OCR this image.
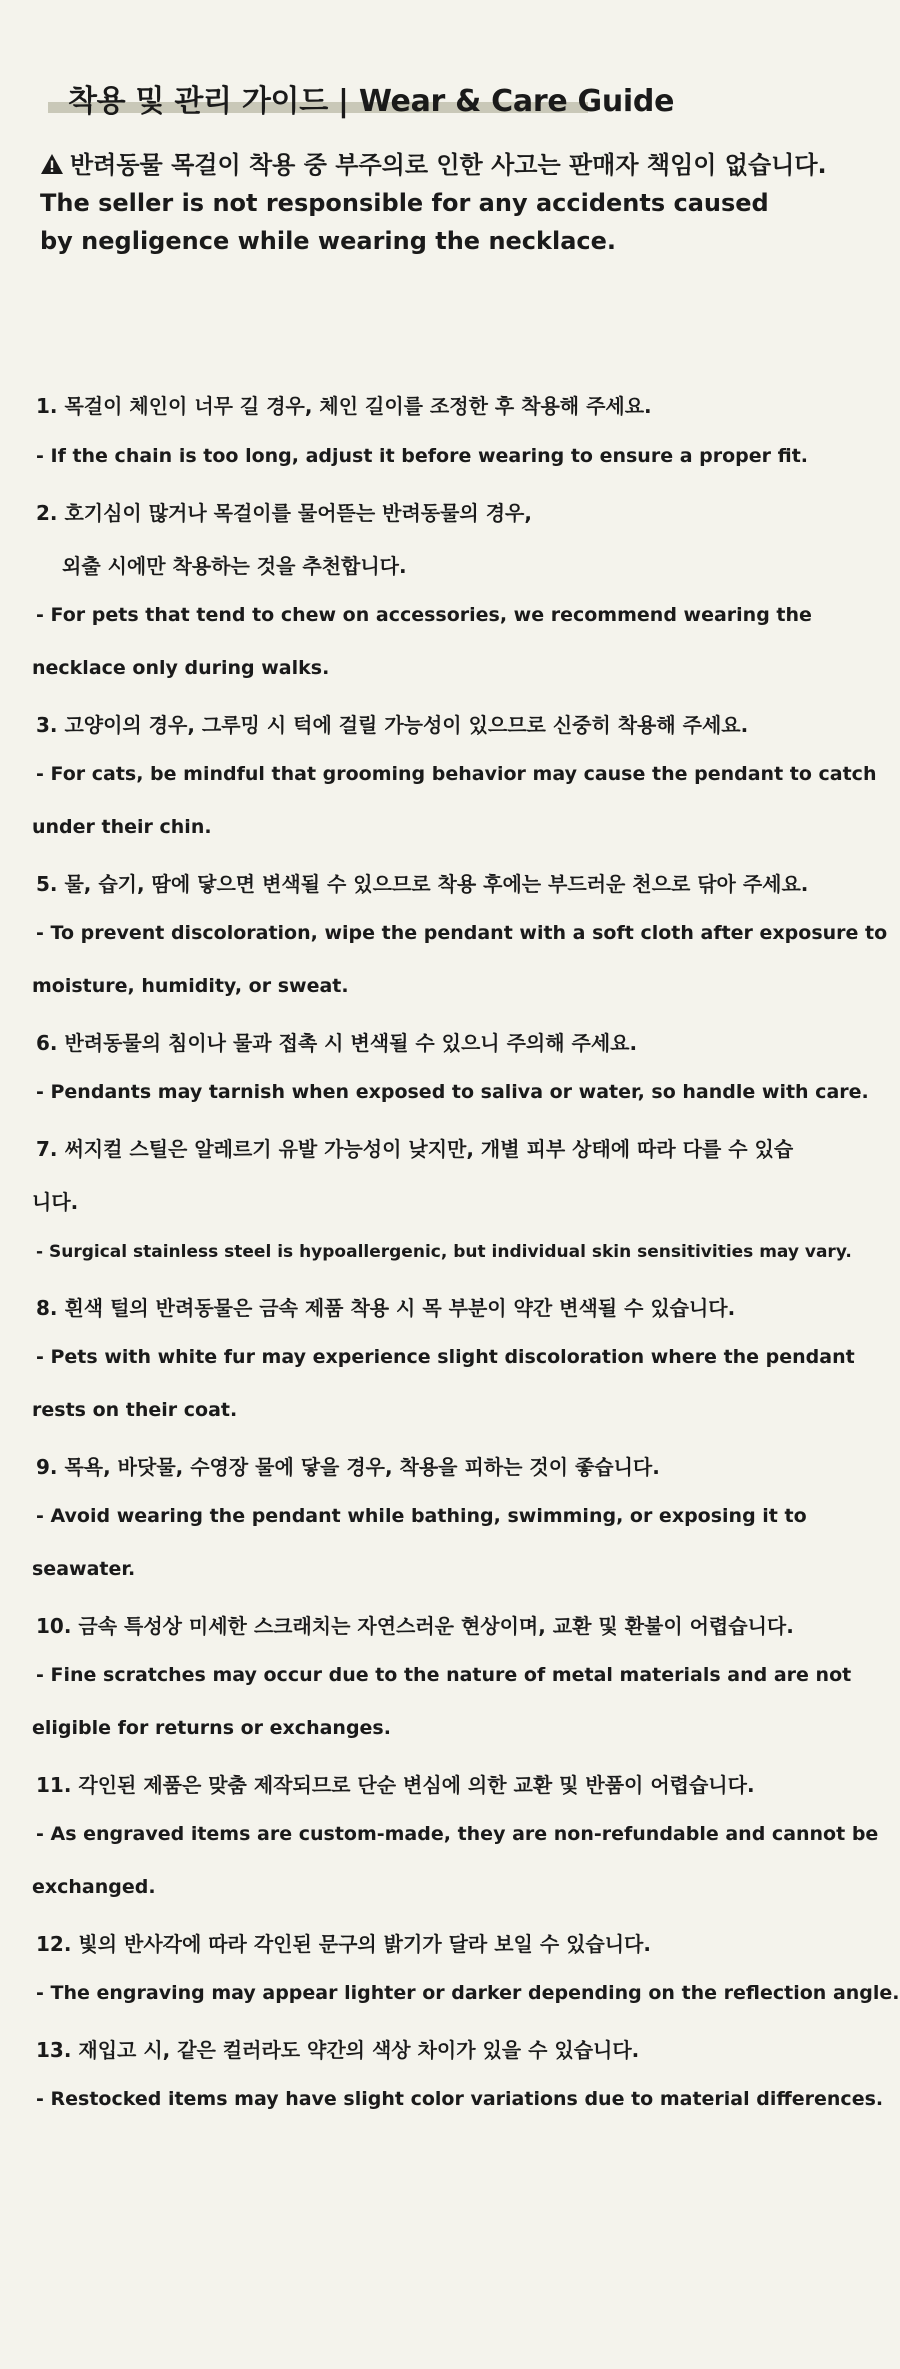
착용 및 관리 가이드 | Wear & Care Guide
반려동물 목걸이 착용 중 부주의로 인한 사고는 판매자 책임이 없습니다.
The seller is not responsible for any accidents caused
by negligence while wearing the necklace.
1. 목걸이 체인이 너무 길 경우, 체인 길이를 조정한 후 착용해 주세요.
- If the chain is too long, adjust it before wearing to ensure a proper fit.
2. 호기심이 많거나 목걸이를 물어뜯는 반려동물의 경우,
외출 시에만 착용하는 것을 추천합니다.
- For pets that tend to chew on accessories, we recommend wearing the
necklace only during walks.
3. 고양이의 경우, 그루밍 시 턱에 걸릴 가능성이 있으므로 신중히 착용해 주세요.
- For cats, be mindful that grooming behavior may cause the pendant to catch
under their chin.
5. 물, 습기, 땀에 닿으면 변색될 수 있으므로 착용 후에는 부드러운 천으로 닦아 주세요.
- To prevent discoloration, wipe the pendant with a soft cloth after exposure to
moisture, humidity, or sweat.
6. 반려동물의 침이나 물과 접촉 시 변색될 수 있으니 주의해 주세요.
- Pendants may tarnish when exposed to saliva or water, so handle with care.
7. 써지컬 스틸은 알레르기 유발 가능성이 낮지만, 개별 피부 상태에 따라 다를 수 있습
니다.
- Surgical stainless steel is hypoallergenic, but individual skin sensitivities may vary.
8. 흰색 털의 반려동물은 금속 제품 착용 시 목 부분이 약간 변색될 수 있습니다.
- Pets with white fur may experience slight discoloration where the pendant
rests on their coat.
9. 목욕, 바닷물, 수영장 물에 닿을 경우, 착용을 피하는 것이 좋습니다.
- Avoid wearing the pendant while bathing, swimming, or exposing it to
seawater.
10. 금속 특성상 미세한 스크래치는 자연스러운 현상이며, 교환 및 환불이 어렵습니다.
- Fine scratches may occur due to the nature of metal materials and are not
eligible for returns or exchanges.
11. 각인된 제품은 맞춤 제작되므로 단순 변심에 의한 교환 및 반품이 어렵습니다.
- As engraved items are custom-made, they are non-refundable and cannot be
exchanged.
12. 빛의 반사각에 따라 각인된 문구의 밝기가 달라 보일 수 있습니다.
- The engraving may appear lighter or darker depending on the reflection angle.
13. 재입고 시, 같은 컬러라도 약간의 색상 차이가 있을 수 있습니다.
- Restocked items may have slight color variations due to material differences.
